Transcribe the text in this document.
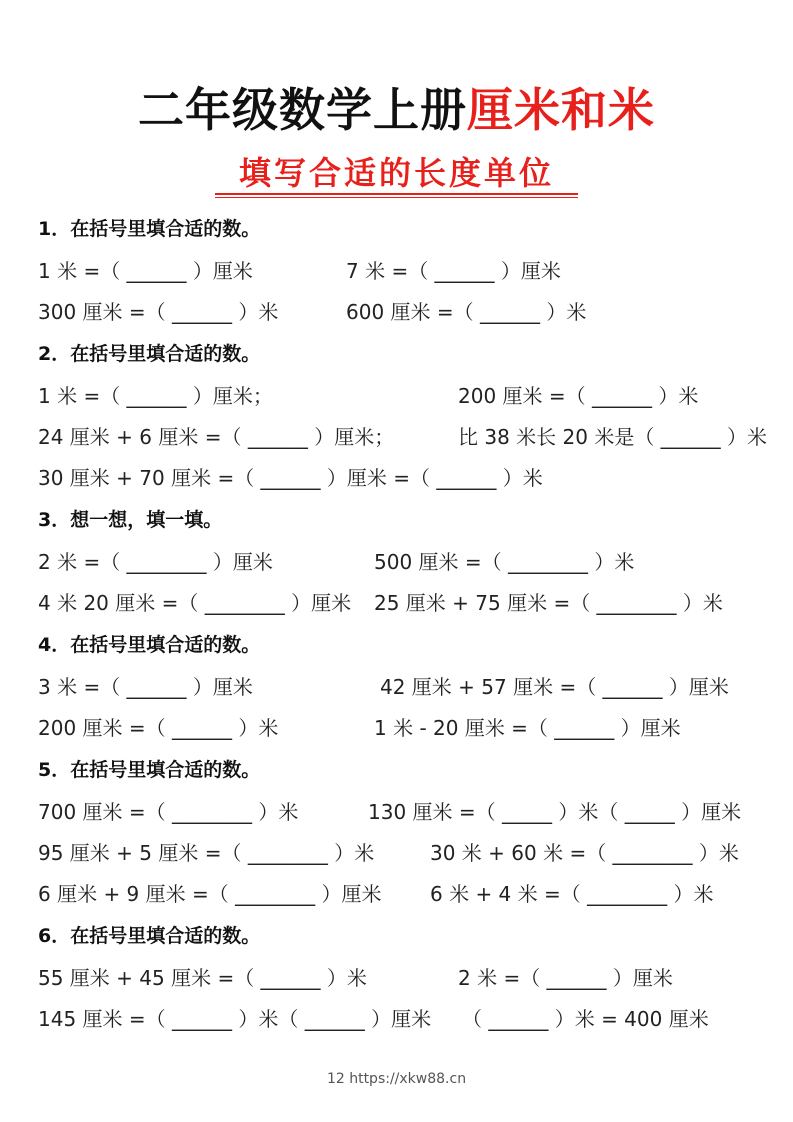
二年级数学上册厘米和米
填写合适的长度单位
1．在括号里填合适的数。
1 米 =（ ______ ）厘米	7 米 =（ ______ ）厘米
300 厘米 =（ ______ ）米	600 厘米 =（ ______ ）米
2．在括号里填合适的数。
1 米 =（ ______ ）厘米；	200 厘米 =（ ______ ）米
24 厘米 + 6 厘米 =（ ______ ）厘米；	比 38 米长 20 米是（ ______ ）米
30 厘米 + 70 厘米 =（ ______ ）厘米 =（ ______ ）米
3．想一想，填一填。
2 米 =（ ________ ）厘米	500 厘米 =（ ________ ）米
4 米 20 厘米 =（ ________ ）厘米 25 厘米 + 75 厘米 =（ ________ ）米
4．在括号里填合适的数。
3 米 =（ ______ ）厘米	42 厘米 + 57 厘米 =（ ______ ）厘米
200 厘米 =（ ______ ）米	1 米 - 20 厘米 =（ ______ ）厘米
5．在括号里填合适的数。
700 厘米 =（ ________ ）米	130 厘米 =（ _____ ）米（ _____ ）厘米
95 厘米 + 5 厘米 =（ ________ ）米	30 米 + 60 米 =（ ________ ）米
6 厘米 + 9 厘米 =（ ________ ）厘米 6 米 + 4 米 =（ ________ ）米
6．在括号里填合适的数。
55 厘米 + 45 厘米 =（ ______ ）米	2 米 =（ ______ ）厘米
145 厘米 =（ ______ ）米（ ______ ）厘米 （ ______ ）米 = 400 厘米
12 https://xkw88.cn
